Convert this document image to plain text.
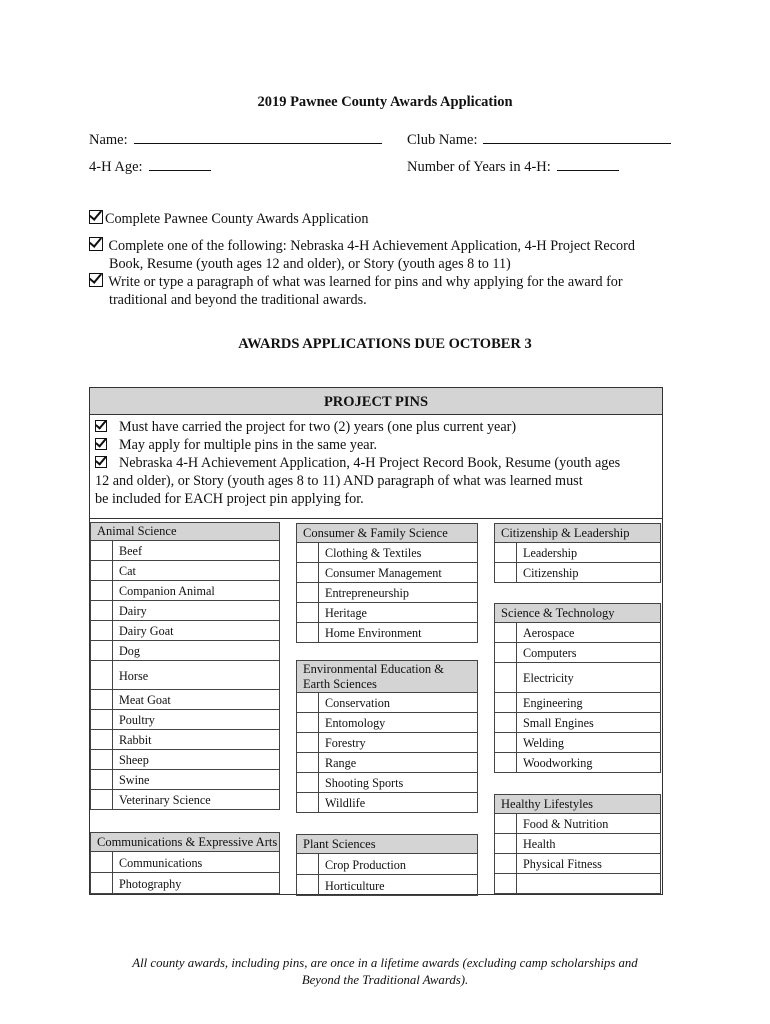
2019 Pawnee County Awards Application
Name:	Club Name:
4-H Age:	Number of Years in 4-H:
Complete Pawnee County Awards Application
Complete one of the following: Nebraska 4-H Achievement Application, 4-H Project Record
Book, Resume (youth ages 12 and older), or Story (youth ages 8 to 11)
Write or type a paragraph of what was learned for pins and why applying for the award for
traditional and beyond the traditional awards.
AWARDS APPLICATIONS DUE OCTOBER 3
PROJECT PINS
Must have carried the project for two (2) years (one plus current year)
May apply for multiple pins in the same year.
Nebraska 4-H Achievement Application, 4-H Project Record Book, Resume (youth ages
12 and older), or Story (youth ages 8 to 11) AND paragraph of what was learned must
be included for EACH project pin applying for.
Animal Science
Beef
Cat
Companion Animal
Dairy
Dairy Goat
Dog
Horse
Meat Goat
Poultry
Rabbit
Sheep
Swine
Veterinary Science
Communications & Expressive Arts
Communications
Photography
Consumer & Family Science
Clothing & Textiles
Consumer Management
Entrepreneurship
Heritage
Home Environment
Environmental Education &
Earth Sciences
Conservation
Entomology
Forestry
Range
Shooting Sports
Wildlife
Plant Sciences
Crop Production
Horticulture
Citizenship & Leadership
Leadership
Citizenship
Science & Technology
Aerospace
Computers
Electricity
Engineering
Small Engines
Welding
Woodworking
Healthy Lifestyles
Food & Nutrition
Health
Physical Fitness
All county awards, including pins, are once in a lifetime awards (excluding camp scholarships and
Beyond the Traditional Awards).
